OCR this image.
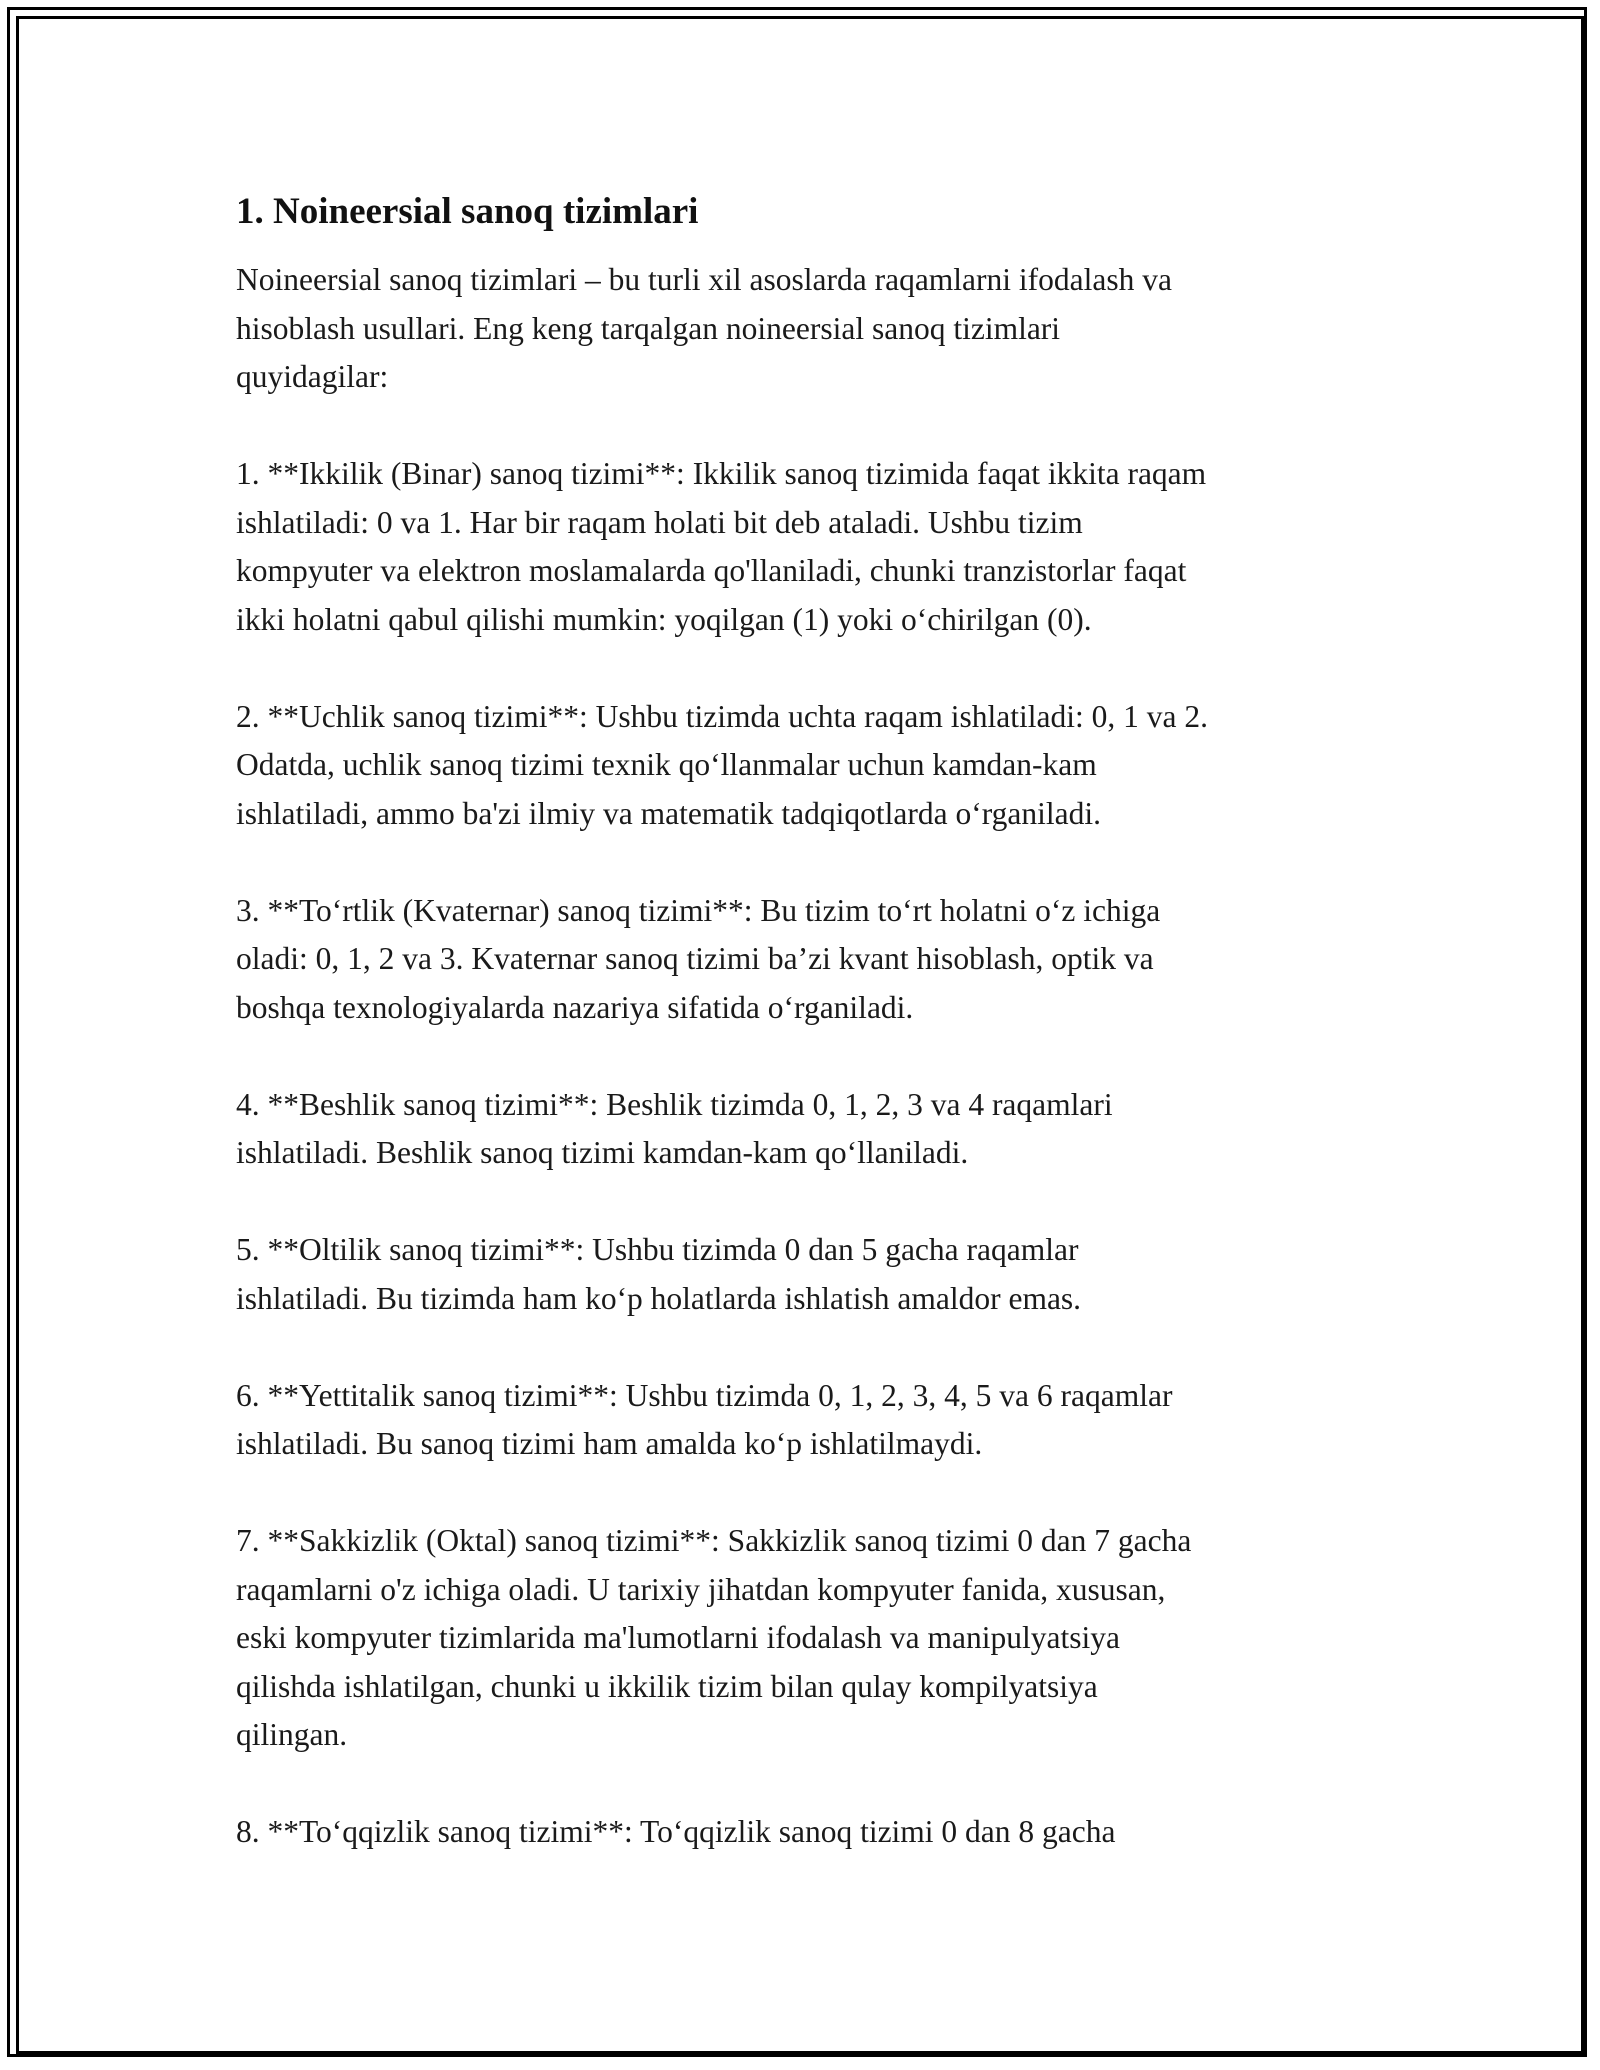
1. Noineersial sanoq tizimlari
Noineersial sanoq tizimlari – bu turli xil asoslarda raqamlarni ifodalash va
hisoblash usullari. Eng keng tarqalgan noineersial sanoq tizimlari
quyidagilar:
1. **Ikkilik (Binar) sanoq tizimi**: Ikkilik sanoq tizimida faqat ikkita raqam
ishlatiladi: 0 va 1. Har bir raqam holati bit deb ataladi. Ushbu tizim
kompyuter va elektron moslamalarda qo'llaniladi, chunki tranzistorlar faqat
ikki holatni qabul qilishi mumkin: yoqilgan (1) yoki o‘chirilgan (0).
2. **Uchlik sanoq tizimi**: Ushbu tizimda uchta raqam ishlatiladi: 0, 1 va 2.
Odatda, uchlik sanoq tizimi texnik qo‘llanmalar uchun kamdan-kam
ishlatiladi, ammo ba'zi ilmiy va matematik tadqiqotlarda o‘rganiladi.
3. **To‘rtlik (Kvaternar) sanoq tizimi**: Bu tizim to‘rt holatni o‘z ichiga
oladi: 0, 1, 2 va 3. Kvaternar sanoq tizimi ba’zi kvant hisoblash, optik va
boshqa texnologiyalarda nazariya sifatida o‘rganiladi.
4. **Beshlik sanoq tizimi**: Beshlik tizimda 0, 1, 2, 3 va 4 raqamlari
ishlatiladi. Beshlik sanoq tizimi kamdan-kam qo‘llaniladi.
5. **Oltilik sanoq tizimi**: Ushbu tizimda 0 dan 5 gacha raqamlar
ishlatiladi. Bu tizimda ham ko‘p holatlarda ishlatish amaldor emas.
6. **Yettitalik sanoq tizimi**: Ushbu tizimda 0, 1, 2, 3, 4, 5 va 6 raqamlar
ishlatiladi. Bu sanoq tizimi ham amalda ko‘p ishlatilmaydi.
7. **Sakkizlik (Oktal) sanoq tizimi**: Sakkizlik sanoq tizimi 0 dan 7 gacha
raqamlarni o'z ichiga oladi. U tarixiy jihatdan kompyuter fanida, xususan,
eski kompyuter tizimlarida ma'lumotlarni ifodalash va manipulyatsiya
qilishda ishlatilgan, chunki u ikkilik tizim bilan qulay kompilyatsiya
qilingan.
8. **To‘qqizlik sanoq tizimi**: To‘qqizlik sanoq tizimi 0 dan 8 gacha
